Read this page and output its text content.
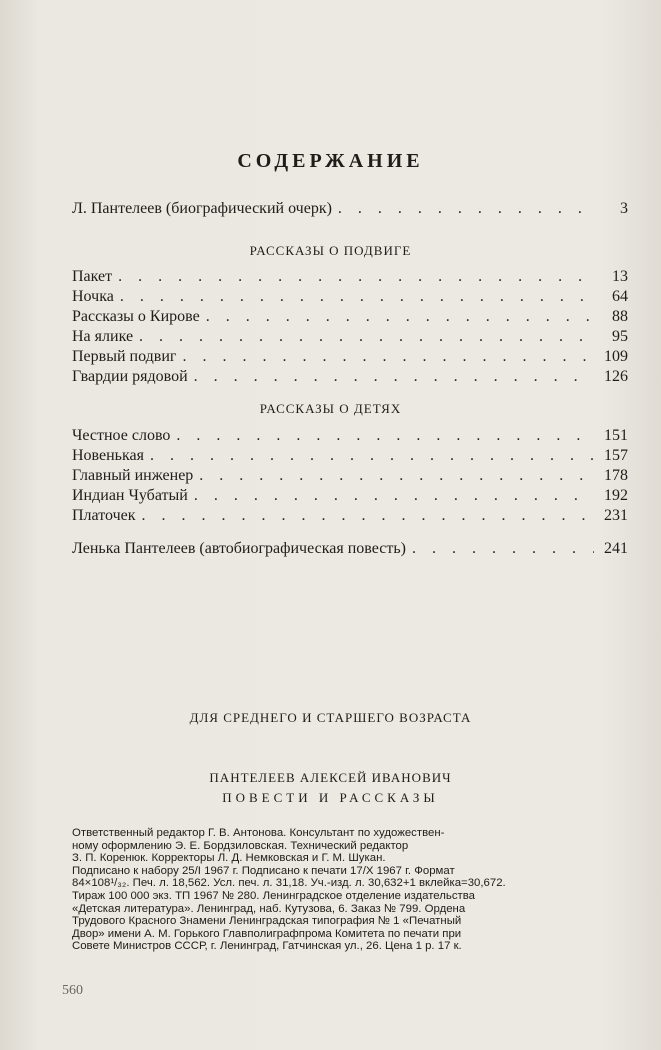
СОДЕРЖАНИЕ
Л. Пантелеев (биографический очерк) . . .	3
РАССКАЗЫ О ПОДВИГЕ
Пакет . . .	13
Ночка . . .	64
Рассказы о Кирове . . .	88
На ялике . . .	95
Первый подвиг . . .	109
Гвардии рядовой . . .	126
РАССКАЗЫ О ДЕТЯХ
Честное слово . . .	151
Новенькая . . .	157
Главный инженер . . .	178
Индиан Чубатый . . .	192
Платочек . . .	231
Ленька Пантелеев (автобиографическая повесть) . . .	241
ДЛЯ СРЕДНЕГО И СТАРШЕГО ВОЗРАСТА
ПАНТЕЛЕЕВ АЛЕКСЕЙ ИВАНОВИЧ
ПОВЕСТИ И РАССКАЗЫ
Ответственный редактор Г. В. Антонова. Консультант по художествен-
ному оформлению Э. Е. Бордзиловская. Технический редактор
З. П. Коренюк. Корректоры Л. Д. Немковская и Г. М. Шукан.
Подписано к набору 25/I 1967 г. Подписано к печати 17/X 1967 г. Формат
84×108¹/₃₂. Печ. л. 18,562. Усл. печ. л. 31,18. Уч.-изд. л. 30,632+1 вклейка=30,672.
Тираж 100 000 экз. ТП 1967 № 280. Ленинградское отделение издательства
«Детская литература». Ленинград, наб. Кутузова, 6. Заказ № 799. Ордена
Трудового Красного Знамени Ленинградская типография № 1 «Печатный
Двор» имени А. М. Горького Главполиграфпрома Комитета по печати при
Совете Министров СССР, г. Ленинград, Гатчинская ул., 26. Цена 1 р. 17 к.
560
